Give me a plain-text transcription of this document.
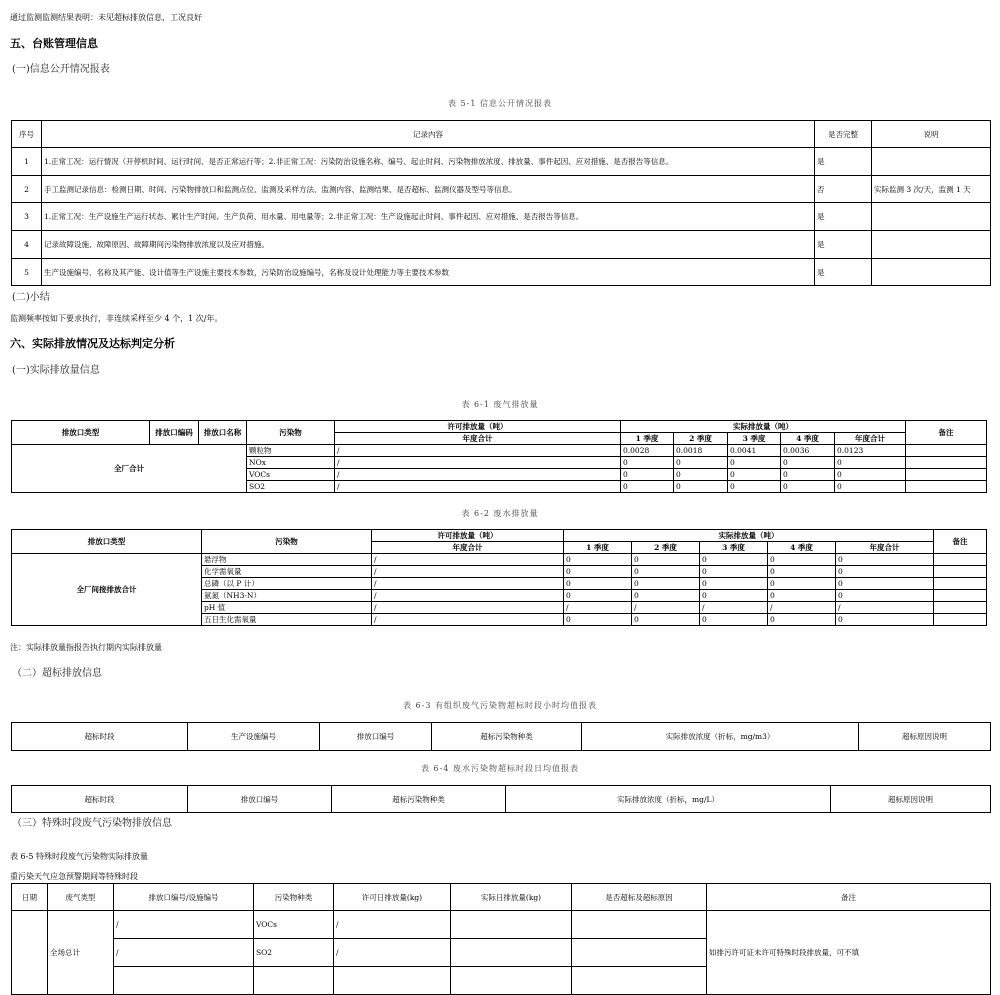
通过监测监测结果表明：未见超标排放信息，工况良好
五、台账管理信息
(一)信息公开情况报表
表 5-1 信息公开情况报表
序号	记录内容	是否完整	说明
1	1.正常工况：运行情况（开停机时间、运行时间、是否正常运行等；2.非正常工况：污染防治设施名称、编号、起止时间、污染物排放浓度、排放量、事件起因、应对措施、是否报告等信息。	是	
2	手工监测记录信息：检测日期、时间、污染物排放口和监测点位、监测及采样方法、监测内容、监测结果、是否超标、监测仪器及型号等信息。	否	实际监测 3 次/天，监测 1 天
3	1.正常工况：生产设施生产运行状态、累计生产时间、生产负荷、用水量、用电量等；2.非正常工况：生产设施起止时间、事件起因、应对措施、是否报告等信息。	是	
4	记录故障设施、故障原因、故障期间污染物排放浓度以及应对措施。	是	
5	生产设施编号、名称及其产能、设计值等生产设施主要技术参数，污染防治设施编号，名称及设计处理能力等主要技术参数	是	
(二)小结
监测频率按如下要求执行，非连续采样至少 4 个，1 次/年。
六、实际排放情况及达标判定分析
(一)实际排放量信息
表 6-1 废气排放量
排放口类型	排放口编码	排放口名称	污染物	许可排放量（吨）	实际排放量（吨）					备注
				年度合计	1 季度	2 季度	3 季度	4 季度	年度合计	
全厂合计			颗粒物	/	0.0028	0.0018	0.0041	0.0036	0.0123	
			NOx	/	0	0	0	0	0	
			VOCs	/	0	0	0	0	0	
			SO2	/	0	0	0	0	0	
表 6-2 废水排放量
排放口类型	污染物	许可排放量（吨）	实际排放量（吨）					备注
		年度合计	1 季度	2 季度	3 季度	4 季度	年度合计	
全厂间接排放合计	悬浮物	/	0	0	0	0	0	
	化学需氧量	/	0	0	0	0	0	
	总磷（以 P 计）	/	0	0	0	0	0	
	氨氮（NH3-N）	/	0	0	0	0	0	
	pH 值	/	/	/	/	/	/	
	五日生化需氧量	/	0	0	0	0	0	
注：实际排放量指报告执行期内实际排放量
（二）超标排放信息
表 6-3 有组织废气污染物超标时段小时均值报表
超标时段	生产设施编号	排放口编号	超标污染物种类	实际排放浓度（折标，mg/m3）	超标原因说明
表 6-4 废水污染物超标时段日均值报表
超标时段	排放口编号	超标污染物种类	实际排放浓度（折标，mg/L）	超标原因说明
（三）特殊时段废气污染物排放信息
表 6-5 特殊时段废气污染物实际排放量
重污染天气应急预警期间等特殊时段
日期	废气类型	排放口编号/设施编号	污染物种类	许可日排放量(kg)	实际日排放量(kg)	是否超标及超标原因	备注
	全场总计	/	VOCs	/			如排污许可证未许可特殊时段排放量，可不填
		/	SO2	/			
